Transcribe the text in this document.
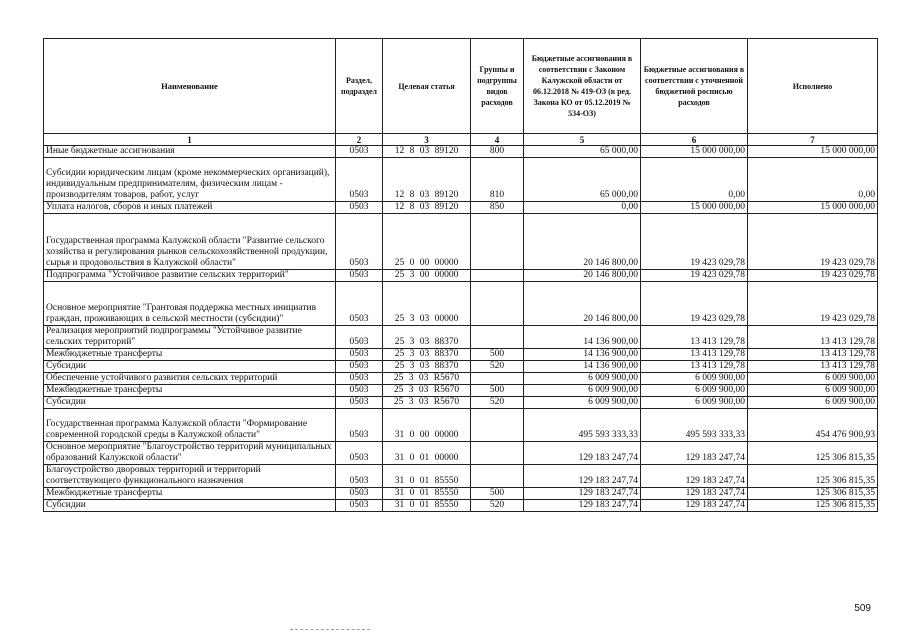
Наименование	Раздел, подраздел	Целевая статья	Группы и подгруппы видов расходов	Бюджетные ассигнования в соответствии с Законом Калужской области от 06.12.2018 № 419-ОЗ (в ред. Закона КО от 05.12.2019 № 534-ОЗ)	Бюджетные ассигнования в соответствии с уточненной бюджетной росписью расходов	Исполнено
1	2	3	4	5	6	7
Иные бюджетные ассигнования	0503	12 8 03 89120	800	65 000,00	15 000 000,00	15 000 000,00
Субсидии юридическим лицам (кроме некоммерческих организаций), индивидуальным предпринимателям, физическим лицам - производителям товаров, работ, услуг	0503	12 8 03 89120	810	65 000,00	0,00	0,00
Уплата налогов, сборов и иных платежей	0503	12 8 03 89120	850	0,00	15 000 000,00	15 000 000,00
Государственная программа Калужской области "Развитие сельского хозяйства и регулирования рынков сельскохозяйственной продукции, сырья и продовольствия в Калужской области"	0503	25 0 00 00000		20 146 800,00	19 423 029,78	19 423 029,78
Подпрограмма "Устойчивое развитие сельских территорий"	0503	25 3 00 00000		20 146 800,00	19 423 029,78	19 423 029,78
Основное мероприятие "Грантовая поддержка местных инициатив граждан, проживающих в сельской местности (субсидии)"	0503	25 3 03 00000		20 146 800,00	19 423 029,78	19 423 029,78
Реализация мероприятий подпрограммы "Устойчивое развитие сельских территорий"	0503	25 3 03 88370		14 136 900,00	13 413 129,78	13 413 129,78
Межбюджетные трансферты	0503	25 3 03 88370	500	14 136 900,00	13 413 129,78	13 413 129,78
Субсидии	0503	25 3 03 88370	520	14 136 900,00	13 413 129,78	13 413 129,78
Обеспечение устойчивого развития сельских территорий	0503	25 3 03 R5670		6 009 900,00	6 009 900,00	6 009 900,00
Межбюджетные трансферты	0503	25 3 03 R5670	500	6 009 900,00	6 009 900,00	6 009 900,00
Субсидии	0503	25 3 03 R5670	520	6 009 900,00	6 009 900,00	6 009 900,00
Государственная программа Калужской области "Формирование современной городской среды в Калужской области"	0503	31 0 00 00000		495 593 333,33	495 593 333,33	454 476 900,93
Основное мероприятие "Благоустройство территорий муниципальных образований Калужской области"	0503	31 0 01 00000		129 183 247,74	129 183 247,74	125 306 815,35
Благоустройство дворовых территорий и территорий соответствующего функционального назначения	0503	31 0 01 85550		129 183 247,74	129 183 247,74	125 306 815,35
Межбюджетные трансферты	0503	31 0 01 85550	500	129 183 247,74	129 183 247,74	125 306 815,35
Субсидии	0503	31 0 01 85550	520	129 183 247,74	129 183 247,74	125 306 815,35
509
